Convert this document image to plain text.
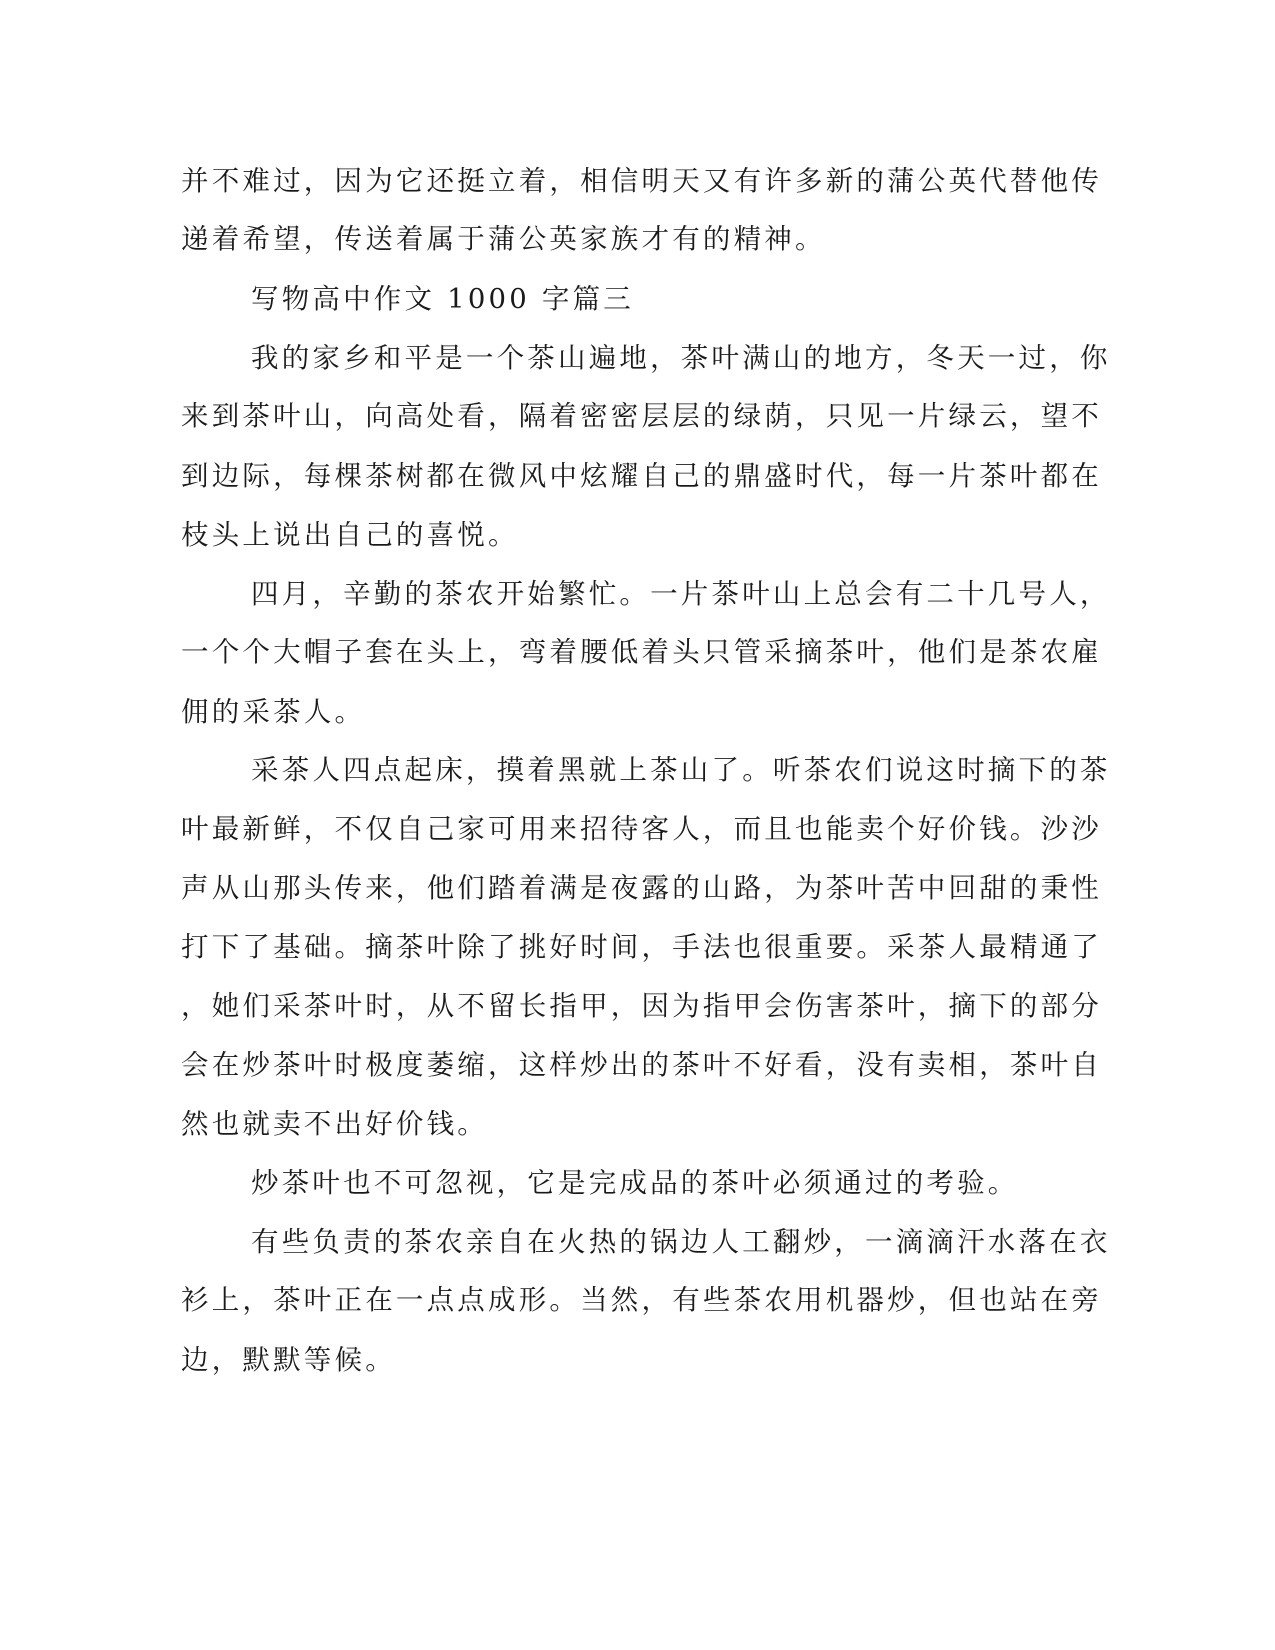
并不难过，因为它还挺立着，相信明天又有许多新的蒲公英代替他传
递着希望，传送着属于蒲公英家族才有的精神。
写物高中作文 1000 字篇三
我的家乡和平是一个茶山遍地，茶叶满山的地方，冬天一过，你
来到茶叶山，向高处看，隔着密密层层的绿荫，只见一片绿云，望不
到边际，每棵茶树都在微风中炫耀自己的鼎盛时代，每一片茶叶都在
枝头上说出自己的喜悦。
四月，辛勤的茶农开始繁忙。一片茶叶山上总会有二十几号人，
一个个大帽子套在头上，弯着腰低着头只管采摘茶叶，他们是茶农雇
佣的采茶人。
采茶人四点起床，摸着黑就上茶山了。听茶农们说这时摘下的茶
叶最新鲜，不仅自己家可用来招待客人，而且也能卖个好价钱。沙沙
声从山那头传来，他们踏着满是夜露的山路，为茶叶苦中回甜的秉性
打下了基础。摘茶叶除了挑好时间，手法也很重要。采茶人最精通了
，她们采茶叶时，从不留长指甲，因为指甲会伤害茶叶，摘下的部分
会在炒茶叶时极度萎缩，这样炒出的茶叶不好看，没有卖相，茶叶自
然也就卖不出好价钱。
炒茶叶也不可忽视，它是完成品的茶叶必须通过的考验。
有些负责的茶农亲自在火热的锅边人工翻炒，一滴滴汗水落在衣
衫上，茶叶正在一点点成形。当然，有些茶农用机器炒，但也站在旁
边，默默等候。
